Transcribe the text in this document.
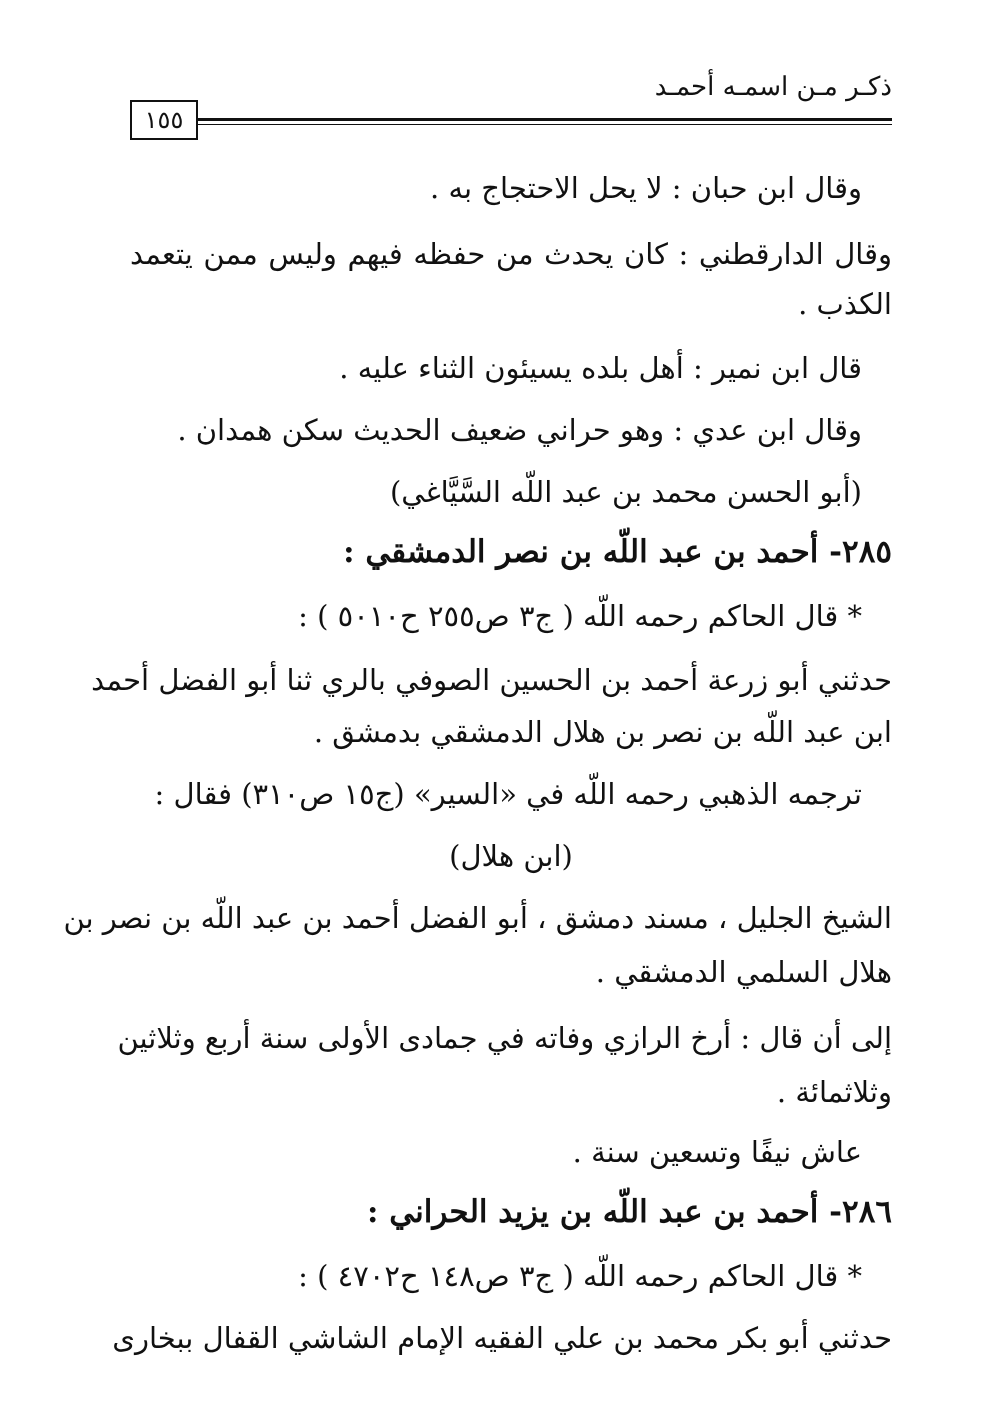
ذكـر مـن اسمـه أحمـد
١٥٥
وقال ابن حبان : لا يحل الاحتجاج به .
وقال الدارقطني : كان يحدث من حفظه فيهم وليس ممن يتعمد
الكذب .
قال ابن نمير : أهل بلده يسيئون الثناء عليه .
وقال ابن عدي : وهو حراني ضعيف الحديث سكن همدان .
(أبو الحسن محمد بن عبد اللّه السَّيَّاغي)
٢٨٥- أحمد بن عبد اللّه بن نصر الدمشقي :
* قال الحاكم رحمه اللّه ( ج٣ ص٢٥٥ ح٥٠١٠ ) :
حدثني أبو زرعة أحمد بن الحسين الصوفي بالري ثنا أبو الفضل أحمد
ابن عبد اللّه بن نصر بن هلال الدمشقي بدمشق .
ترجمه الذهبي رحمه اللّه في «السير» (ج١٥ ص٣١٠) فقال :
(ابن هلال)
الشيخ الجليل ، مسند دمشق ، أبو الفضل أحمد بن عبد اللّه بن نصر بن
هلال السلمي الدمشقي .
إلى أن قال : أرخ الرازي وفاته في جمادى الأولى سنة أربع وثلاثين
وثلاثمائة .
عاش نيفًا وتسعين سنة .
٢٨٦- أحمد بن عبد اللّه بن يزيد الحراني :
* قال الحاكم رحمه اللّه ( ج٣ ص١٤٨ ح٤٧٠٢ ) :
حدثني أبو بكر محمد بن علي الفقيه الإمام الشاشي القفال ببخارى
